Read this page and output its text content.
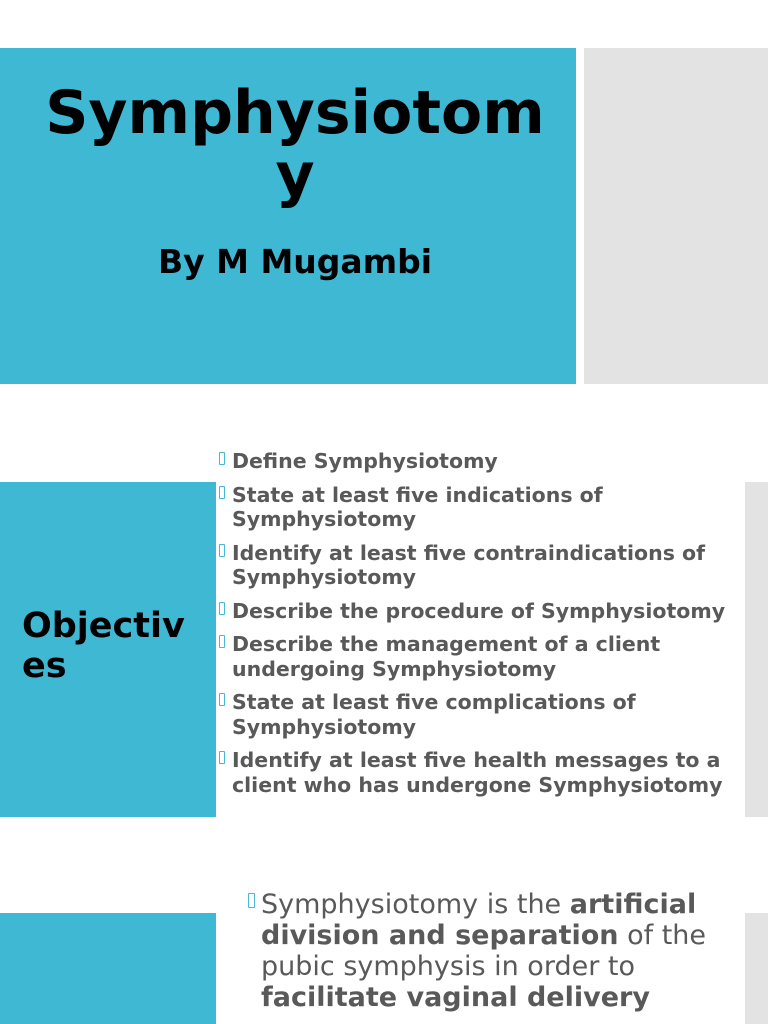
Symphysiotomy
By M Mugambi
Objectives
Define Symphysiotomy
State at least five indications of Symphysiotomy
Identify at least five contraindications of Symphysiotomy
Describe the procedure of Symphysiotomy
Describe the management of a client undergoing Symphysiotomy
State at least five complications of Symphysiotomy
Identify at least five health messages to a client who has undergone Symphysiotomy
Symphysiotomy is the artificial division and separation of the pubic symphysis in order to facilitate vaginal delivery
